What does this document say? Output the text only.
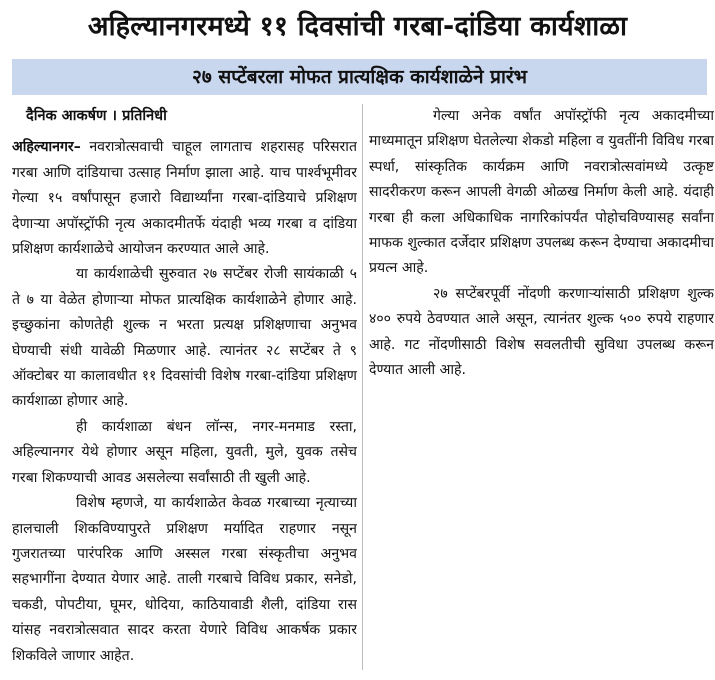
अहिल्यानगरमध्ये ११ दिवसांची गरबा-दांडिया कार्यशाळा
२७ सप्टेंबरला मोफत प्रात्यक्षिक कार्यशाळेने प्रारंभ

दैनिक आकर्षण । प्रतिनिधी

अहिल्यानगर– नवरात्रोत्सवाची चाहूल लागताच शहरासह परिसरात गरबा आणि दांडियाचा उत्साह निर्माण झाला आहे. याच पार्श्वभूमीवर गेल्या १५ वर्षांपासून हजारो विद्यार्थ्यांना गरबा-दांडियाचे प्रशिक्षण देणाऱ्या अपॉस्ट्रॉफी नृत्य अकादमीतर्फे यंदाही भव्य गरबा व दांडिया प्रशिक्षण कार्यशाळेचे आयोजन करण्यात आले आहे.

या कार्यशाळेची सुरुवात २७ सप्टेंबर रोजी सायंकाळी ५ ते ७ या वेळेत होणाऱ्या मोफत प्रात्यक्षिक कार्यशाळेने होणार आहे. इच्छुकांना कोणतेही शुल्क न भरता प्रत्यक्ष प्रशिक्षणाचा अनुभव घेण्याची संधी यावेळी मिळणार आहे. त्यानंतर २८ सप्टेंबर ते ९ ऑक्टोबर या कालावधीत ११ दिवसांची विशेष गरबा-दांडिया प्रशिक्षण कार्यशाळा होणार आहे.

ही कार्यशाळा बंधन लॉन्स, नगर-मनमाड रस्ता, अहिल्यानगर येथे होणार असून महिला, युवती, मुले, युवक तसेच गरबा शिकण्याची आवड असलेल्या सर्वांसाठी ती खुली आहे.

विशेष म्हणजे, या कार्यशाळेत केवळ गरबाच्या नृत्याच्या हालचाली शिकविण्यापुरते प्रशिक्षण मर्यादित राहणार नसून गुजरातच्या पारंपरिक आणि अस्सल गरबा संस्कृतीचा अनुभव सहभागींना देण्यात येणार आहे. ताली गरबाचे विविध प्रकार, सनेडो, चकडी, पोपटीया, घूमर, धोदिया, काठियावाडी शैली, दांडिया रास यांसह नवरात्रोत्सवात सादर करता येणारे विविध आकर्षक प्रकार शिकविले जाणार आहेत.

गेल्या अनेक वर्षांत अपॉस्ट्रॉफी नृत्य अकादमीच्या माध्यमातून प्रशिक्षण घेतलेल्या शेकडो महिला व युवतींनी विविध गरबा स्पर्धा, सांस्कृतिक कार्यक्रम आणि नवरात्रोत्सवांमध्ये उत्कृष्ट सादरीकरण करून आपली वेगळी ओळख निर्माण केली आहे. यंदाही गरबा ही कला अधिकाधिक नागरिकांपर्यंत पोहोचविण्यासह सर्वांना माफक शुल्कात दर्जेदार प्रशिक्षण उपलब्ध करून देण्याचा अकादमीचा प्रयत्न आहे.

२७ सप्टेंबरपूर्वी नोंदणी करणाऱ्यांसाठी प्रशिक्षण शुल्क ४०० रुपये ठेवण्यात आले असून, त्यानंतर शुल्क ५०० रुपये राहणार आहे. गट नोंदणीसाठी विशेष सवलतीची सुविधा उपलब्ध करून देण्यात आली आहे.
